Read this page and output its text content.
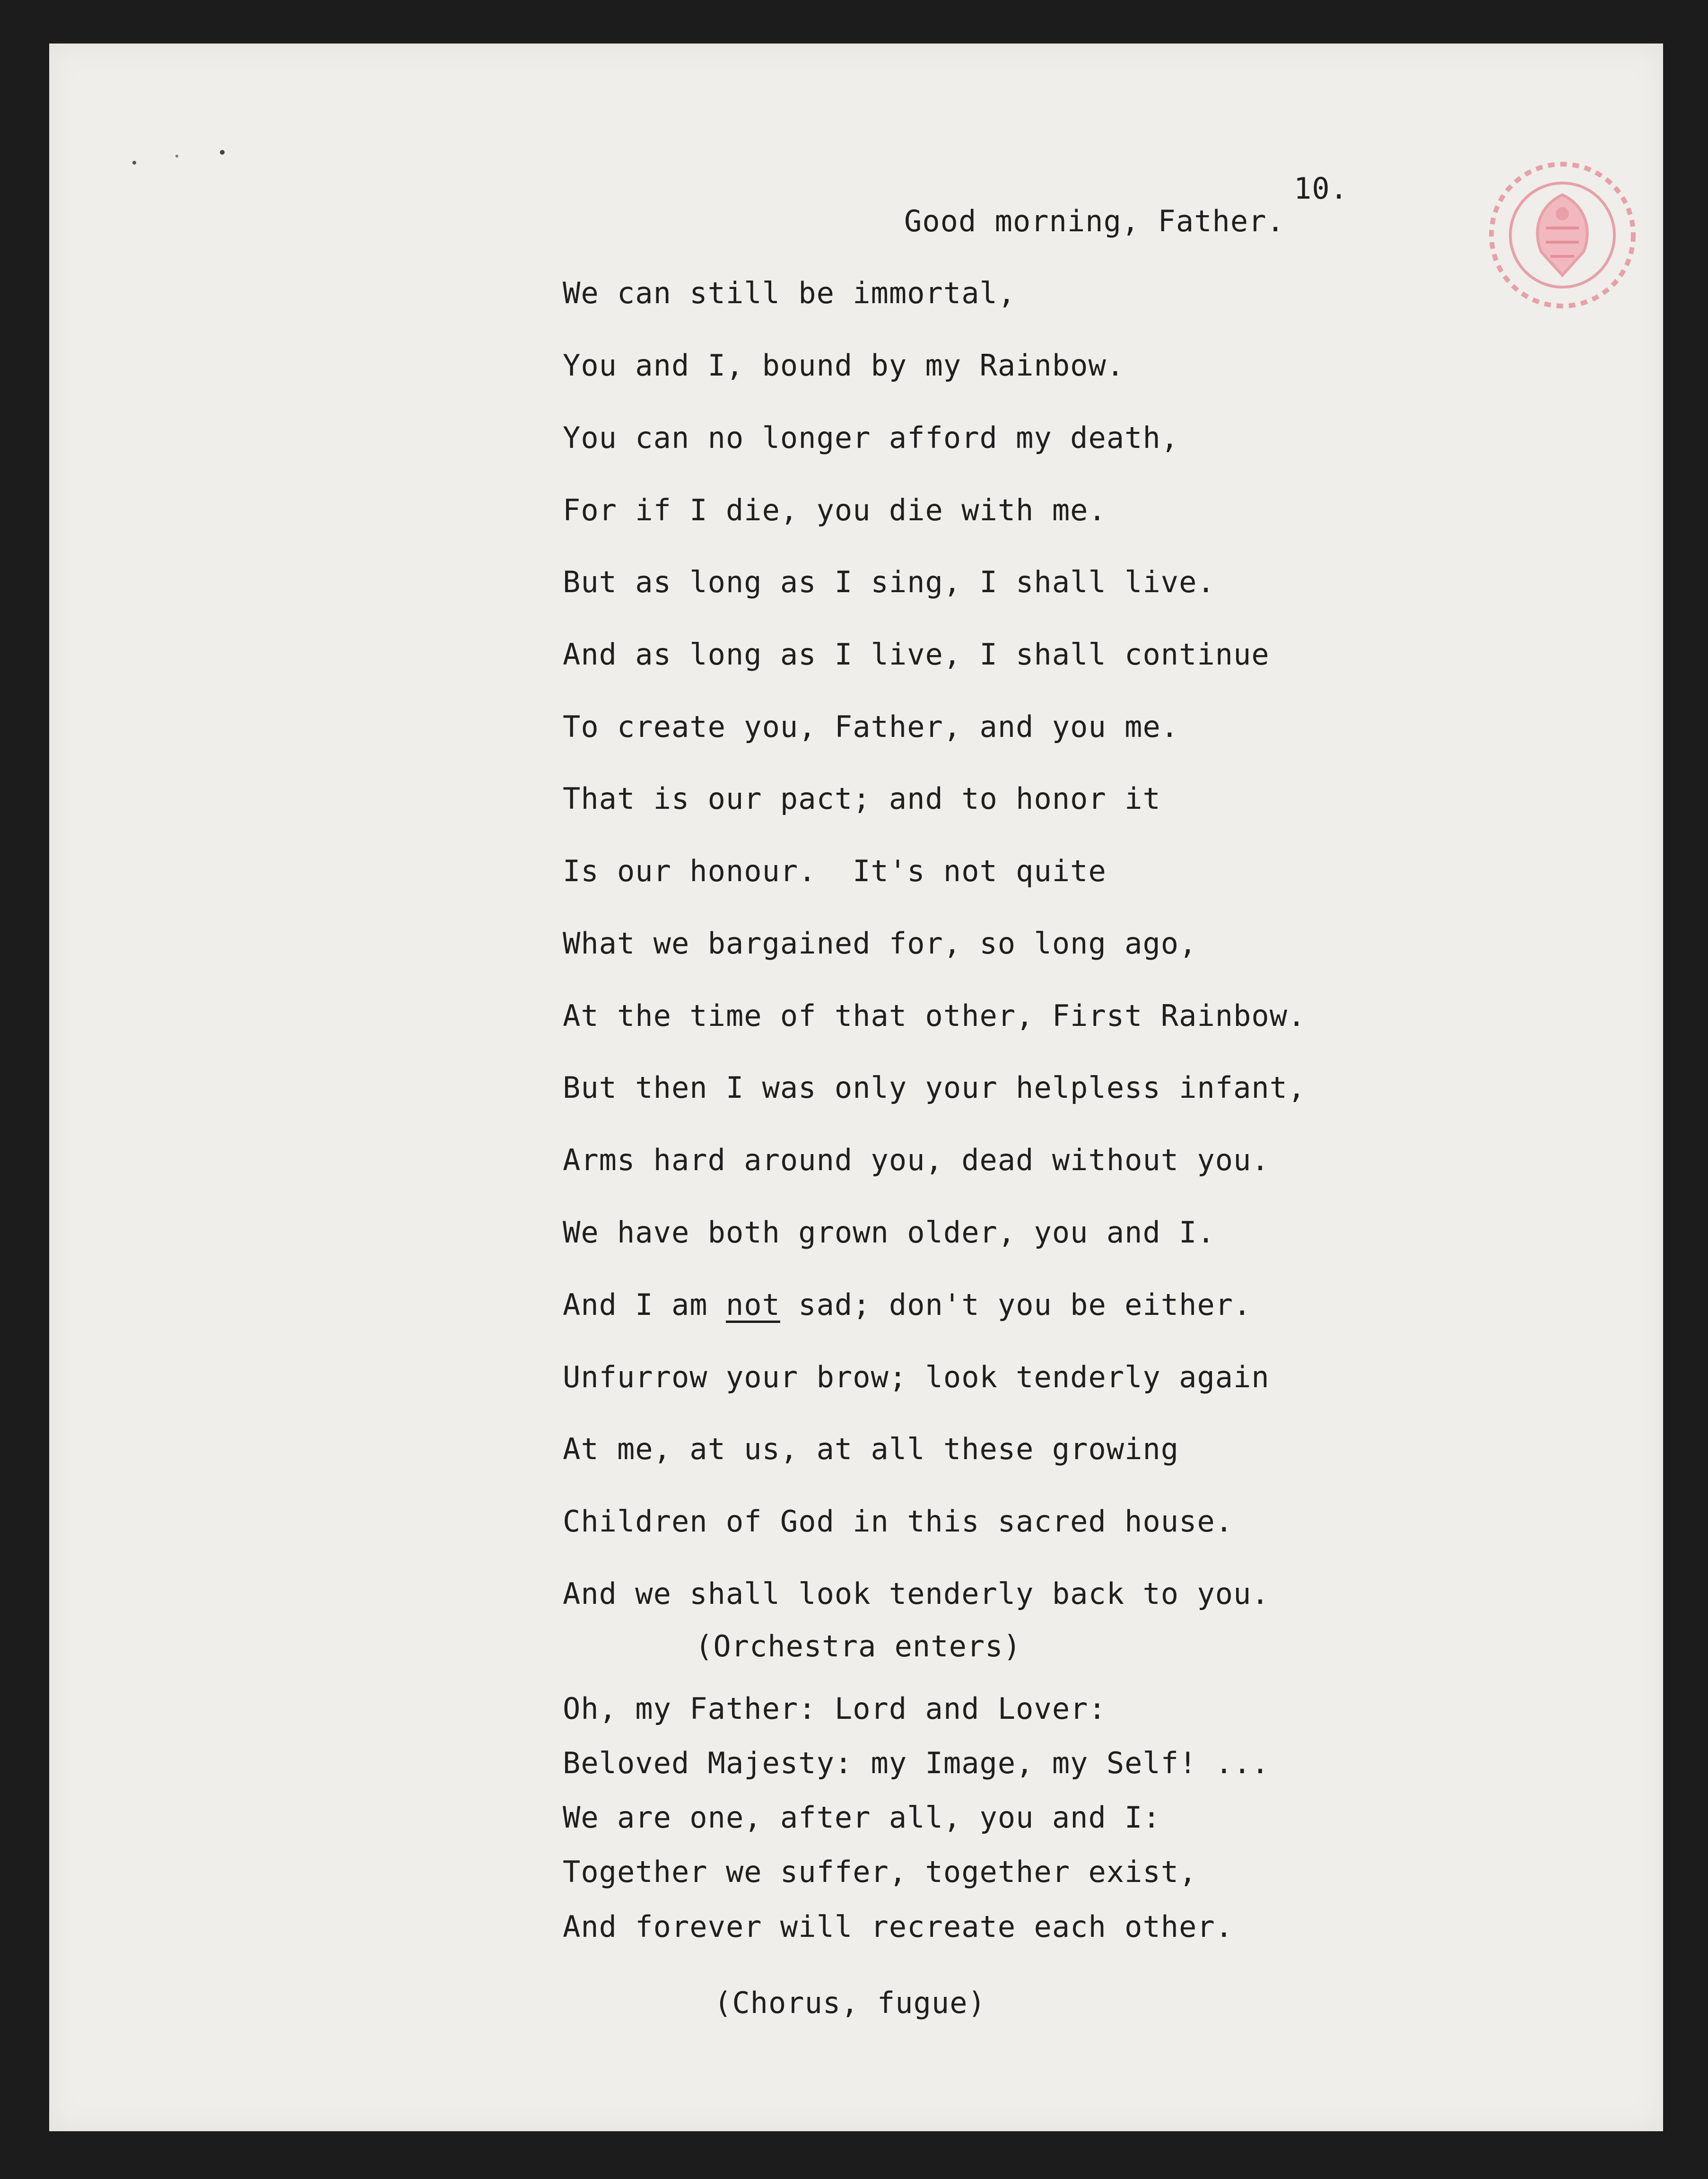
10.
Good morning, Father.
We can still be immortal,
You and I, bound by my Rainbow.
You can no longer afford my death,
For if I die, you die with me.
But as long as I sing, I shall live.
And as long as I live, I shall continue
To create you, Father, and you me.
That is our pact; and to honor it
Is our honour.  It's not quite
What we bargained for, so long ago,
At the time of that other, First Rainbow.
But then I was only your helpless infant,
Arms hard around you, dead without you.
We have both grown older, you and I.
And I am not sad; don't you be either.
Unfurrow your brow; look tenderly again
At me, at us, at all these growing
Children of God in this sacred house.
And we shall look tenderly back to you.
(Orchestra enters)
Oh, my Father: Lord and Lover:
Beloved Majesty: my Image, my Self! ...
We are one, after all, you and I:
Together we suffer, together exist,
And forever will recreate each other.
(Chorus, fugue)
